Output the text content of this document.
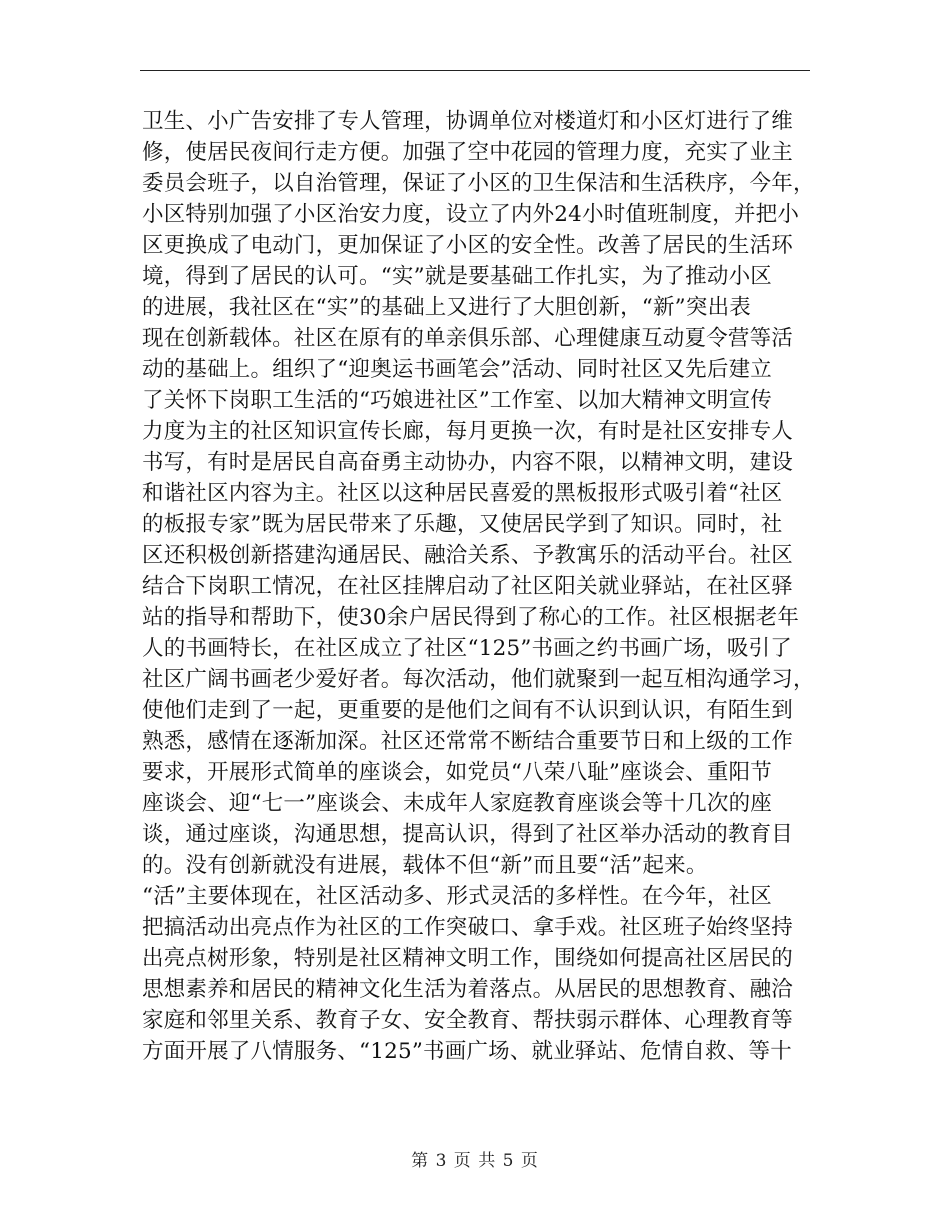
卫生、小广告安排了专人管理，协调单位对楼道灯和小区灯进行了维
修，使居民夜间行走方便。加强了空中花园的管理力度，充实了业主
委员会班子，以自治管理，保证了小区的卫生保洁和生活秩序，今年，
小区特别加强了小区治安力度，设立了内外24小时值班制度，并把小
区更换成了电动门，更加保证了小区的安全性。改善了居民的生活环
境，得到了居民的认可。“实”就是要基础工作扎实，为了推动小区
的进展，我社区在“实”的基础上又进行了大胆创新，“新”突出表
现在创新载体。社区在原有的单亲俱乐部、心理健康互动夏令营等活
动的基础上。组织了“迎奥运书画笔会”活动、同时社区又先后建立
了关怀下岗职工生活的“巧娘进社区”工作室、以加大精神文明宣传
力度为主的社区知识宣传长廊，每月更换一次，有时是社区安排专人
书写，有时是居民自高奋勇主动协办，内容不限，以精神文明，建设
和谐社区内容为主。社区以这种居民喜爱的黑板报形式吸引着“社区
的板报专家”既为居民带来了乐趣，又使居民学到了知识。同时，社
区还积极创新搭建沟通居民、融洽关系、予教寓乐的活动平台。社区
结合下岗职工情况，在社区挂牌启动了社区阳关就业驿站，在社区驿
站的指导和帮助下，使30余户居民得到了称心的工作。社区根据老年
人的书画特长，在社区成立了社区“125”书画之约书画广场，吸引了
社区广阔书画老少爱好者。每次活动，他们就聚到一起互相沟通学习，
使他们走到了一起，更重要的是他们之间有不认识到认识，有陌生到
熟悉，感情在逐渐加深。社区还常常不断结合重要节日和上级的工作
要求，开展形式简单的座谈会，如党员“八荣八耻”座谈会、重阳节
座谈会、迎“七一”座谈会、未成年人家庭教育座谈会等十几次的座
谈，通过座谈，沟通思想，提高认识，得到了社区举办活动的教育目
的。没有创新就没有进展，载体不但“新”而且要“活”起来。
“活”主要体现在，社区活动多、形式灵活的多样性。在今年，社区
把搞活动出亮点作为社区的工作突破口、拿手戏。社区班子始终坚持
出亮点树形象，特别是社区精神文明工作，围绕如何提高社区居民的
思想素养和居民的精神文化生活为着落点。从居民的思想教育、融洽
家庭和邻里关系、教育子女、安全教育、帮扶弱示群体、心理教育等
方面开展了八情服务、“125”书画广场、就业驿站、危情自救、等十
第 3 页 共 5 页
